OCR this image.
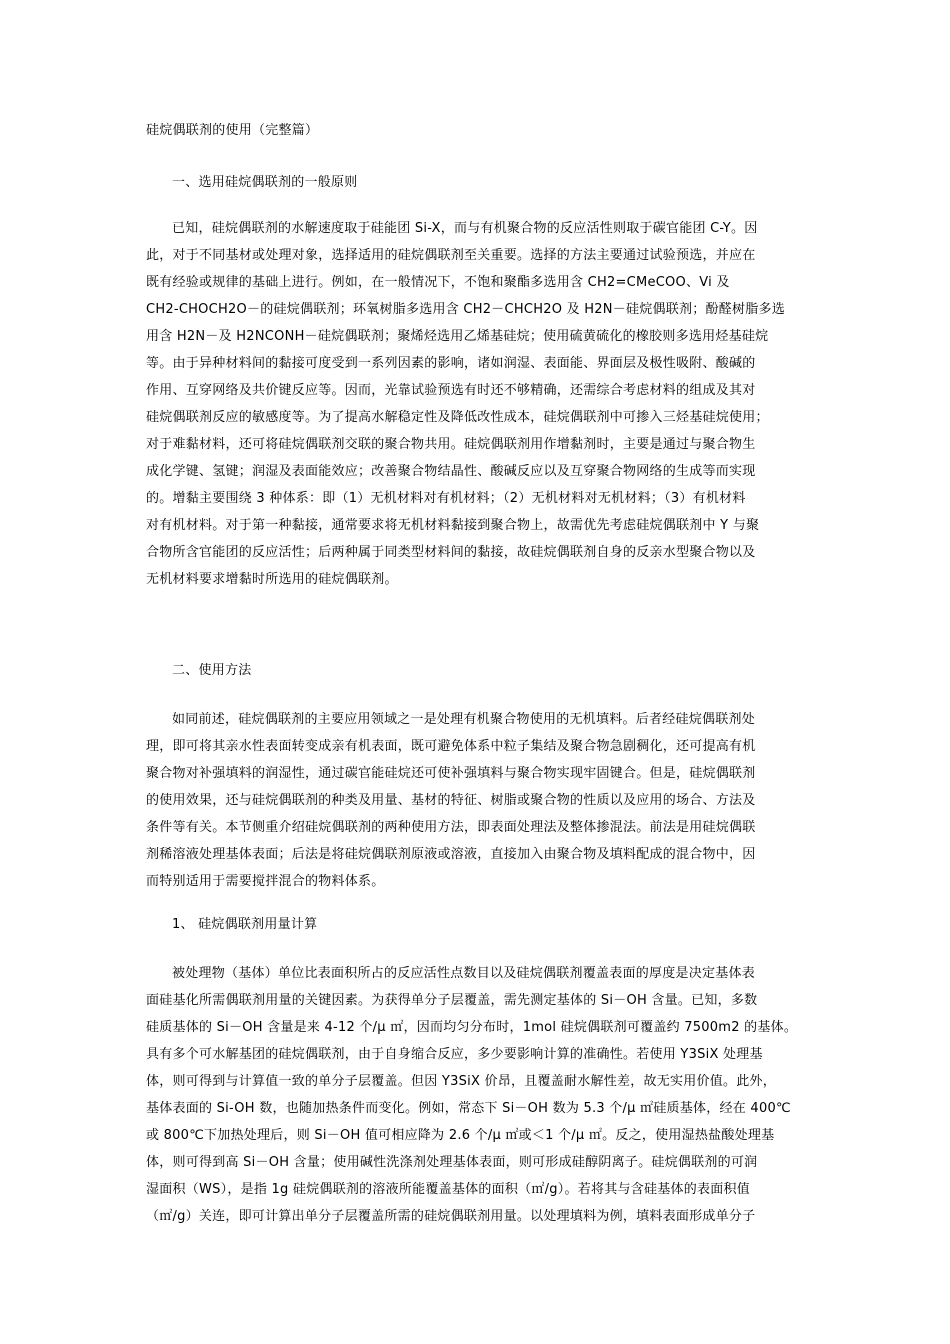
硅烷偶联剂的使用（完整篇）
一、选用硅烷偶联剂的一般原则
已知，硅烷偶联剂的水解速度取于硅能团 Si-X，而与有机聚合物的反应活性则取于碳官能团 C-Y。因
此，对于不同基材或处理对象，选择适用的硅烷偶联剂至关重要。选择的方法主要通过试验预选，并应在
既有经验或规律的基础上进行。例如，在一般情况下，不饱和聚酯多选用含 CH2=CMeCOO、Vi 及
CH2-CHOCH2O－的硅烷偶联剂；环氧树脂多选用含 CH2－CHCH2O 及 H2N－硅烷偶联剂；酚醛树脂多选
用含 H2N－及 H2NCONH－硅烷偶联剂；聚烯烃选用乙烯基硅烷；使用硫黄硫化的橡胶则多选用烃基硅烷
等。由于异种材料间的黏接可度受到一系列因素的影响，诸如润湿、表面能、界面层及极性吸附、酸碱的
作用、互穿网络及共价键反应等。因而，光靠试验预选有时还不够精确，还需综合考虑材料的组成及其对
硅烷偶联剂反应的敏感度等。为了提高水解稳定性及降低改性成本，硅烷偶联剂中可掺入三烃基硅烷使用；
对于难黏材料，还可将硅烷偶联剂交联的聚合物共用。硅烷偶联剂用作增黏剂时，主要是通过与聚合物生
成化学键、氢键；润湿及表面能效应；改善聚合物结晶性、酸碱反应以及互穿聚合物网络的生成等而实现
的。增黏主要围绕 3 种体系：即（1）无机材料对有机材料；（2）无机材料对无机材料；（3）有机材料
对有机材料。对于第一种黏接，通常要求将无机材料黏接到聚合物上，故需优先考虑硅烷偶联剂中 Y 与聚
合物所含官能团的反应活性；后两种属于同类型材料间的黏接，故硅烷偶联剂自身的反亲水型聚合物以及
无机材料要求增黏时所选用的硅烷偶联剂。
二、使用方法
如同前述，硅烷偶联剂的主要应用领域之一是处理有机聚合物使用的无机填料。后者经硅烷偶联剂处
理，即可将其亲水性表面转变成亲有机表面，既可避免体系中粒子集结及聚合物急剧稠化，还可提高有机
聚合物对补强填料的润湿性，通过碳官能硅烷还可使补强填料与聚合物实现牢固键合。但是，硅烷偶联剂
的使用效果，还与硅烷偶联剂的种类及用量、基材的特征、树脂或聚合物的性质以及应用的场合、方法及
条件等有关。本节侧重介绍硅烷偶联剂的两种使用方法，即表面处理法及整体掺混法。前法是用硅烷偶联
剂稀溶液处理基体表面；后法是将硅烷偶联剂原液或溶液，直接加入由聚合物及填料配成的混合物中，因
而特别适用于需要搅拌混合的物料体系。
1、 硅烷偶联剂用量计算
被处理物（基体）单位比表面积所占的反应活性点数目以及硅烷偶联剂覆盖表面的厚度是决定基体表
面硅基化所需偶联剂用量的关键因素。为获得单分子层覆盖，需先测定基体的 Si－OH 含量。已知，多数
硅质基体的 Si－OH 含量是来 4-12 个/μ ㎡，因而均匀分布时，1mol 硅烷偶联剂可覆盖约 7500m2 的基体。
具有多个可水解基团的硅烷偶联剂，由于自身缩合反应，多少要影响计算的准确性。若使用 Y3SiX 处理基
体，则可得到与计算值一致的单分子层覆盖。但因 Y3SiX 价昂，且覆盖耐水解性差，故无实用价值。此外，
基体表面的 Si-OH 数，也随加热条件而变化。例如，常态下 Si－OH 数为 5.3 个/μ ㎡硅质基体，经在 400℃
或 800℃下加热处理后，则 Si－OH 值可相应降为 2.6 个/μ ㎡或＜1 个/μ ㎡。反之，使用湿热盐酸处理基
体，则可得到高 Si－OH 含量；使用碱性洗涤剂处理基体表面，则可形成硅醇阴离子。硅烷偶联剂的可润
湿面积（WS），是指 1g 硅烷偶联剂的溶液所能覆盖基体的面积（㎡/g）。若将其与含硅基体的表面积值
（㎡/g）关连，即可计算出单分子层覆盖所需的硅烷偶联剂用量。以处理填料为例，填料表面形成单分子
